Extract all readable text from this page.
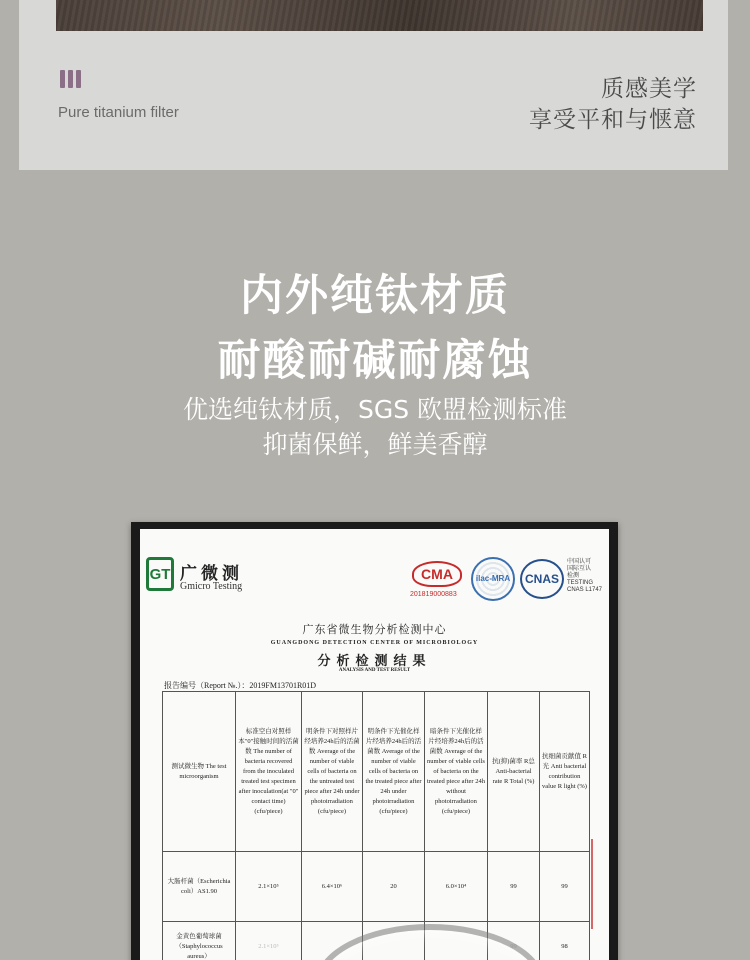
Pure titanium filter
质感美学
享受平和与惬意
内外纯钛材质
耐酸耐碱耐腐蚀
优选纯钛材质，SGS 欧盟检测标准
抑菌保鲜，鲜美香醇
GT 广微测
Gmicro Testing
CMA
201819000883
ilac-MRA	CNAS
中国认可
国际互认
检测
TESTING
CNAS L1747
广东省微生物分析检测中心
GUANGDONG DETECTION CENTER OF MICROBIOLOGY
分析检测结果
ANALYSIS AND TEST RESULT
报告编号（Report №.）：2019FM13701R01D
测试微生物 The test microorganism	标准空白对照样本"0"接触时间的活菌数 The number of bacteria recovered from the inoculated treated test specimen after inoculation(at "0" contact time) (cfu/piece)	明条件下对照样片经培养24h后的活菌数 Average of the number of viable cells of bacteria on the untreated test piece after 24h under photoirradiation (cfu/piece)	明条件下光催化样片经培养24h后的活菌数 Average of the number of viable cells of bacteria on the treated piece after 24h under photoirradiation (cfu/piece)	暗条件下光催化样片经培养24h后的活菌数 Average of the number of viable cells of bacteria on the treated piece after 24h without photoirradiation (cfu/piece)	抗(抑)菌率 R总 Anti-bacterial rate R Total (%)	抗细菌贡献值 R光 Anti bacterial contribution value R light (%)
大肠杆菌（Escherichia coli）AS1.90	2.1×10⁵	6.4×10⁶	20	6.0×10⁴	99	99
金黄色葡萄球菌（Staphylococcus aureus）	2.1×10⁵				99	98
